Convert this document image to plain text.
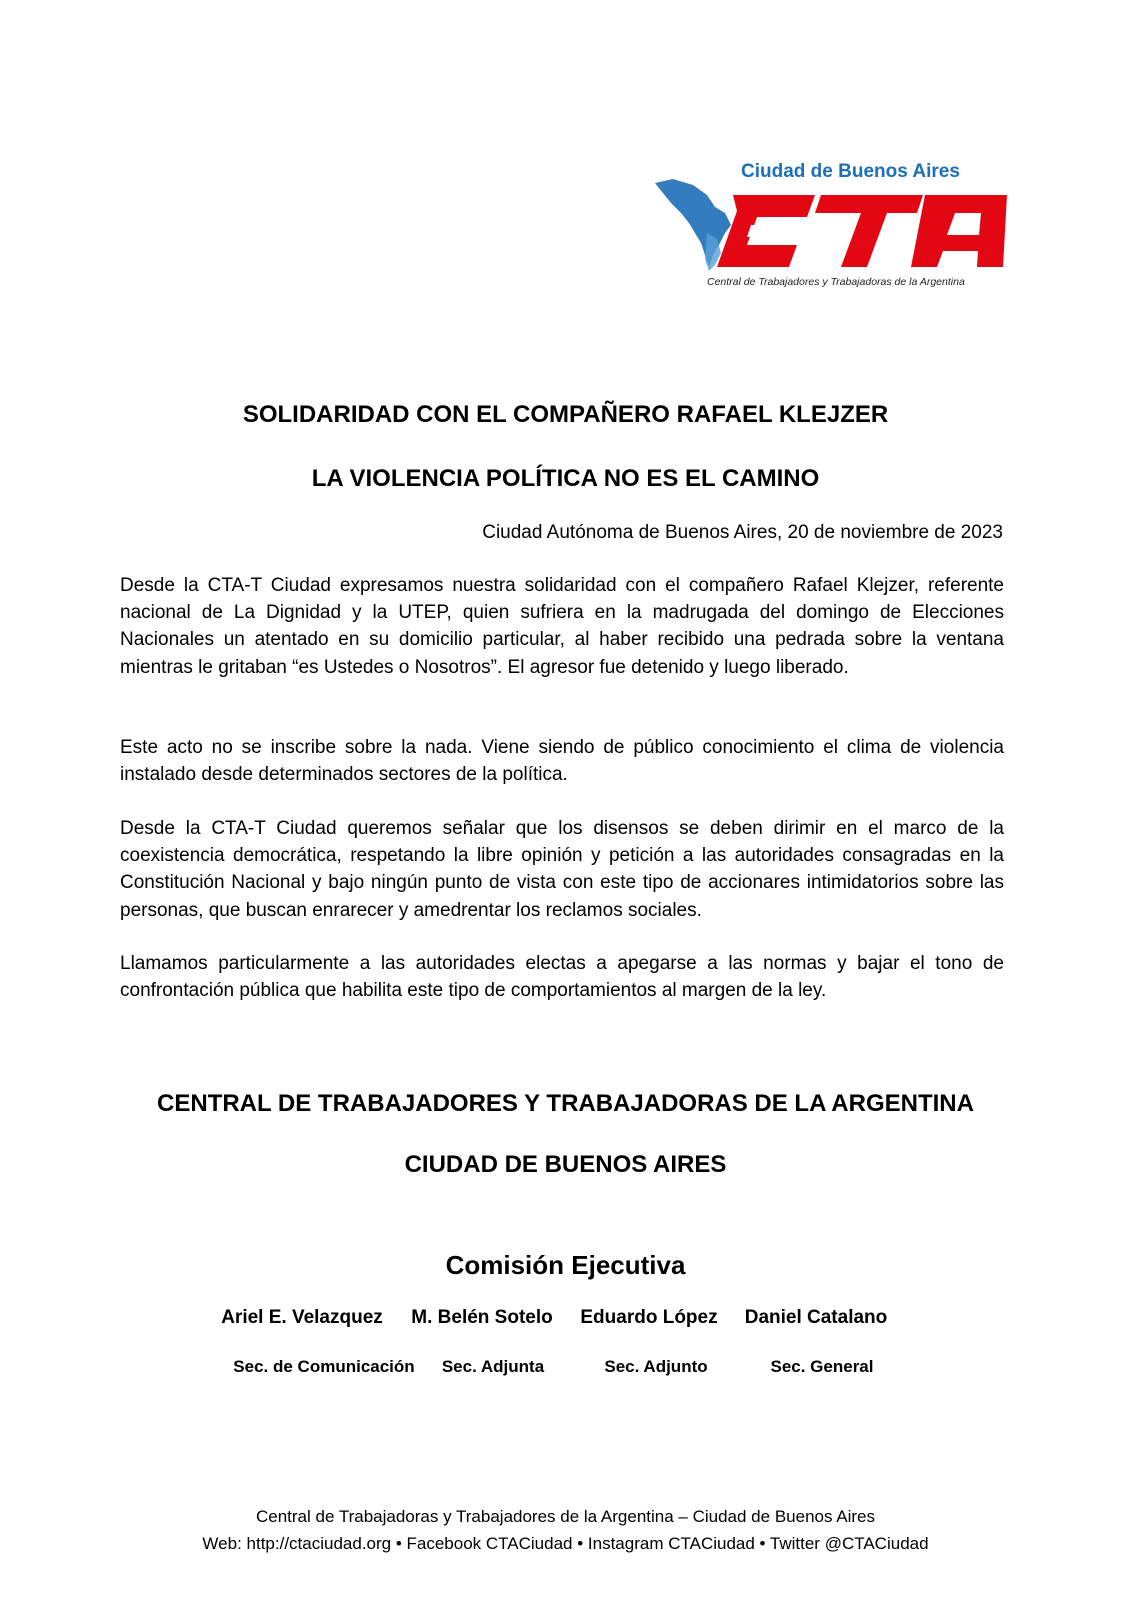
Ciudad de Buenos Aires
Central de Trabajadores y Trabajadoras de la Argentina
SOLIDARIDAD CON EL COMPAÑERO RAFAEL KLEJZER
LA VIOLENCIA POLÍTICA NO ES EL CAMINO
Ciudad Autónoma de Buenos Aires, 20 de noviembre de 2023
Desde la CTA-T Ciudad expresamos nuestra solidaridad con el compañero Rafael Klejzer, referente nacional de La Dignidad y la UTEP, quien sufriera en la madrugada del domingo de Elecciones Nacionales un atentado en su domicilio particular, al haber recibido una pedrada sobre la ventana mientras le gritaban “es Ustedes o Nosotros”. El agresor fue detenido y luego liberado.
Este acto no se inscribe sobre la nada. Viene siendo de público conocimiento el clima de violencia instalado desde determinados sectores de la política.
Desde la CTA-T Ciudad queremos señalar que los disensos se deben dirimir en el marco de la coexistencia democrática, respetando la libre opinión y petición a las autoridades consagradas en la Constitución Nacional y bajo ningún punto de vista con este tipo de accionares intimidatorios sobre las personas, que buscan enrarecer y amedrentar los reclamos sociales.
Llamamos particularmente a las autoridades electas a apegarse a las normas y bajar el tono de confrontación pública que habilita este tipo de comportamientos al margen de la ley.
CENTRAL DE TRABAJADORES Y TRABAJADORAS DE LA ARGENTINA
CIUDAD DE BUENOS AIRES
Comisión Ejecutiva
Ariel E. Velazquez	M. Belén Sotelo	Eduardo López	Daniel Catalano
Sec. de Comunicación	Sec. Adjunta	Sec. Adjunto	Sec. General
Central de Trabajadoras y Trabajadores de la Argentina – Ciudad de Buenos Aires
Web: http://ctaciudad.org • Facebook CTACiudad • Instagram CTACiudad • Twitter @CTACiudad
